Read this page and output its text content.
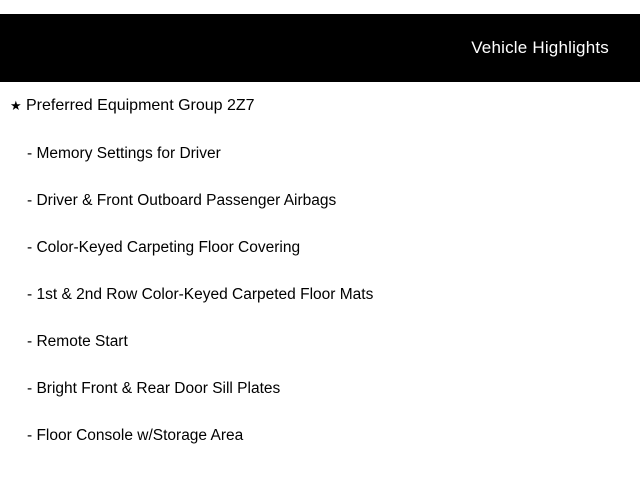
Vehicle Highlights
★ Preferred Equipment Group 2Z7
- Memory Settings for Driver
- Driver & Front Outboard Passenger Airbags
- Color-Keyed Carpeting Floor Covering
- 1st & 2nd Row Color-Keyed Carpeted Floor Mats
- Remote Start
- Bright Front & Rear Door Sill Plates
- Floor Console w/Storage Area
